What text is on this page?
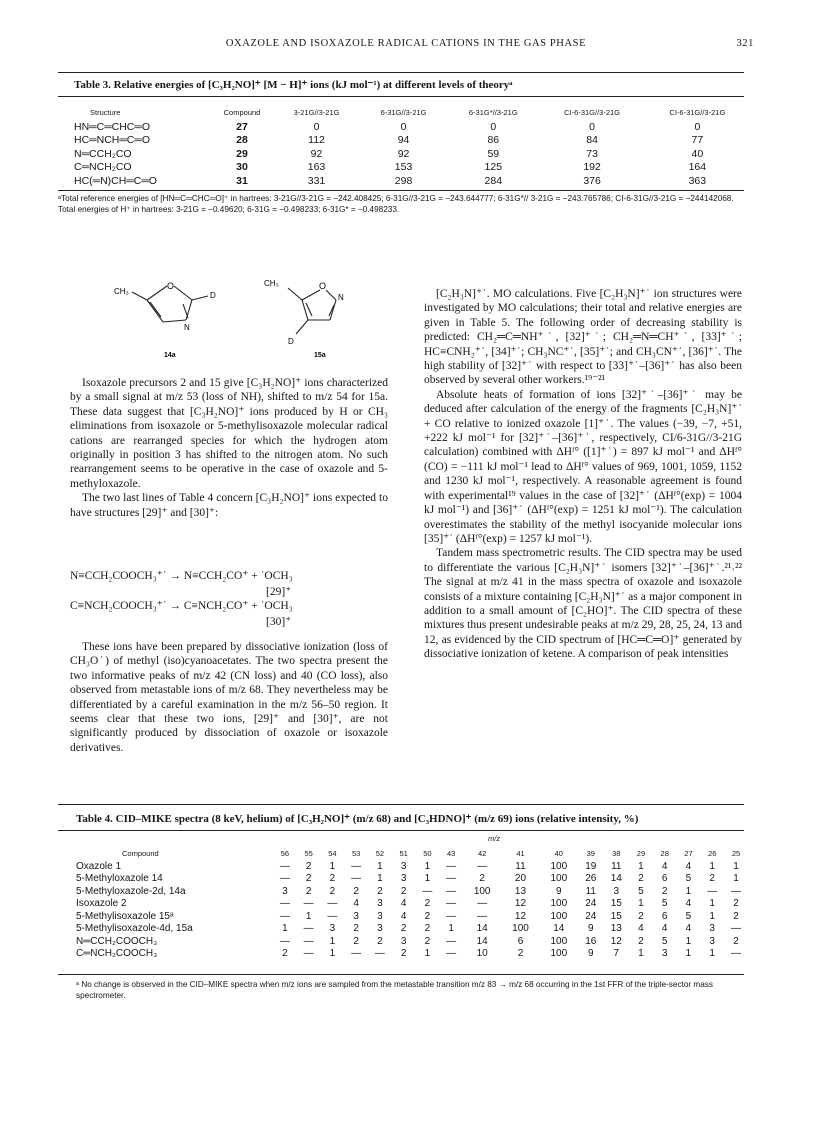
OXAZOLE AND ISOXAZOLE RADICAL CATIONS IN THE GAS PHASE	321
Table 3. Relative energies of [C₃H₂NO]⁺ [M − H]⁺ ions (kJ mol⁻¹) at different levels of theoryᵃ
Structure	Compound	3-21G//3-21G	6-31G//3-21G	6-31G*//3-21G	CI-6-31G//3-21G	CI-6-31G//3-21G
HN═C═CHC═O	27	0	0	0	0	0
HC═NCH═C═O	28	112	94	86	84	77
N═CCH₂CO	29	92	92	59	73	40
C═NCH₂CO	30	163	153	125	192	164
HC(═N)CH═C═O	31	331	298	284	376	363
ᵃTotal reference energies of [HN═C═CHC═O]⁺ in hartrees: 3-21G//3-21G = −242.408425; 6-31G//3-21G = −243.644777; 6-31G*// 3-21G = −243.765786; CI-6-31G//3-21G = −244142068. Total energies of H⁺ in hartrees: 3-21G = −0.49620; 6-31G = −0.498233; 6-31G* = −0.498233.
CH₃
O
D
N
14a
CH₃	O
N
D
15a

Isoxazole precursors 2 and 15 give [C₃H₂NO]⁺ ions characterized by a small signal at m/z 53 (loss of NH), shifted to m/z 54 for 15a. These data suggest that [C₃H₂NO]⁺ ions produced by H or CH₃ eliminations from isoxazole or 5-methylisoxazole molecular radical cations are rearranged species for which the hydrogen atom originally in position 3 has shifted to the nitrogen atom. No such rearrangement seems to be operative in the case of oxazole and 5-methyloxazole.

The two last lines of Table 4 concern [C₃H₂NO]⁺ ions expected to have structures [29]⁺ and [30]⁺:

N≡CCH₂COOCH₃⁺˙ → N≡CCH₂CO⁺ + ˙OCH₃
[29]⁺
C≡NCH₂COOCH₃⁺˙ → C≡NCH₂CO⁺ + ˙OCH₃
[30]⁺

These ions have been prepared by dissociative ionization (loss of CH₃O˙) of methyl (iso)cyanoacetates. The two spectra present the two informative peaks of m/z 42 (CN loss) and 40 (CO loss), also observed from metastable ions of m/z 68. They nevertheless may be differentiated by a careful examination in the m/z 56–50 region. It seems clear that these two ions, [29]⁺ and [30]⁺, are not significantly produced by dissociation of oxazole or isoxazole derivatives.

[C₂H₃N]⁺˙. MO calculations. Five [C₂H₃N]⁺˙ ion structures were investigated by MO calculations; their total and relative energies are given in Table 5. The following order of decreasing stability is predicted: CH₂═C═NH⁺˙, [32]⁺˙; CH₂═N═CH⁺˙, [33]⁺˙; HC≡CNH₂⁺˙, [34]⁺˙; CH₃NC⁺˙, [35]⁺˙; and CH₃CN⁺˙, [36]⁺˙. The high stability of [32]⁺˙ with respect to [33]⁺˙–[36]⁺˙ has also been observed by several other workers.¹⁹⁻²¹

Absolute heats of formation of ions [32]⁺˙–[36]⁺˙ may be deduced after calculation of the energy of the fragments [C₂H₃N]⁺˙ + CO relative to ionized oxazole [1]⁺˙. The values (−39, −7, +51, +222 kJ mol⁻¹ for [32]⁺˙–[36]⁺˙, respectively, CI/6-31G//3-21G calculation) combined with ΔHᶠ° ([1]⁺˙) = 897 kJ mol⁻¹ and ΔHᶠ° (CO) = −111 kJ mol⁻¹ lead to ΔHᶠ° values of 969, 1001, 1059, 1152 and 1230 kJ mol⁻¹, respectively. A reasonable agreement is found with experimental¹⁹ values in the case of [32]⁺˙ (ΔHᶠ°(exp) = 1004 kJ mol⁻¹) and [36]⁺˙ (ΔHᶠ°(exp) = 1251 kJ mol⁻¹). The calculation overestimates the stability of the methyl isocyanide molecular ions [35]⁺˙ (ΔHᶠ°(exp) = 1257 kJ mol⁻¹).

Tandem mass spectrometric results. The CID spectra may be used to differentiate the various [C₂H₃N]⁺˙ isomers [32]⁺˙–[36]⁺˙.²¹˒²² The signal at m/z 41 in the mass spectra of oxazole and isoxazole consists of a mixture containing [C₂H₃N]⁺˙ as a major component in addition to a small amount of [C₂HO]⁺. The CID spectra of these mixtures thus present undesirable peaks at m/z 29, 28, 25, 24, 13 and 12, as evidenced by the CID spectrum of [HC═C═O]⁺ generated by dissociative ionization of ketene. A comparison of peak intensities

Table 4. CID–MIKE spectra (8 keV, helium) of [C₃H₂NO]⁺ (m/z 68) and [C₃HDNO]⁺ (m/z 69) ions (relative intensity, %)
m/z
Compound	56	55	54	53	52	51	50	43	42	41	40	39	38	29	28	27	26	25
Oxazole 1	—	2	1	—	1	3	1	—	—	11	100	19	11	1	4	4	1	1
5-Methyloxazole 14	—	2	2	—	1	3	1	—	2	20	100	26	14	2	6	5	2	1
5-Methyloxazole-2d, 14a	3	2	2	2	2	2	—	—	100	13	9	11	3	5	2	1	—	—
Isoxazole 2	—	—	—	4	3	4	2	—	—	12	100	24	15	1	5	4	1	2
5-Methylisoxazole 15ᵃ	—	1	—	3	3	4	2	—	—	12	100	24	15	2	6	5	1	2
5-Methylisoxazole-4d, 15a	1	—	3	2	3	2	2	1	14	100	14	9	13	4	4	4	3	—
N═CCH₂COOCH₃	—	—	1	2	2	3	2	—	14	6	100	16	12	2	5	1	3	2
C═NCH₂COOCH₃	2	—	1	—	—	2	1	—	10	2	100	9	7	1	3	1	1	—
ᵃ No change is observed in the CID–MIKE spectra when m/z ions are sampled from the metastable transition m/z 83 → m/z 68 occurring in the 1st FFR of the triple-sector mass spectrometer.
